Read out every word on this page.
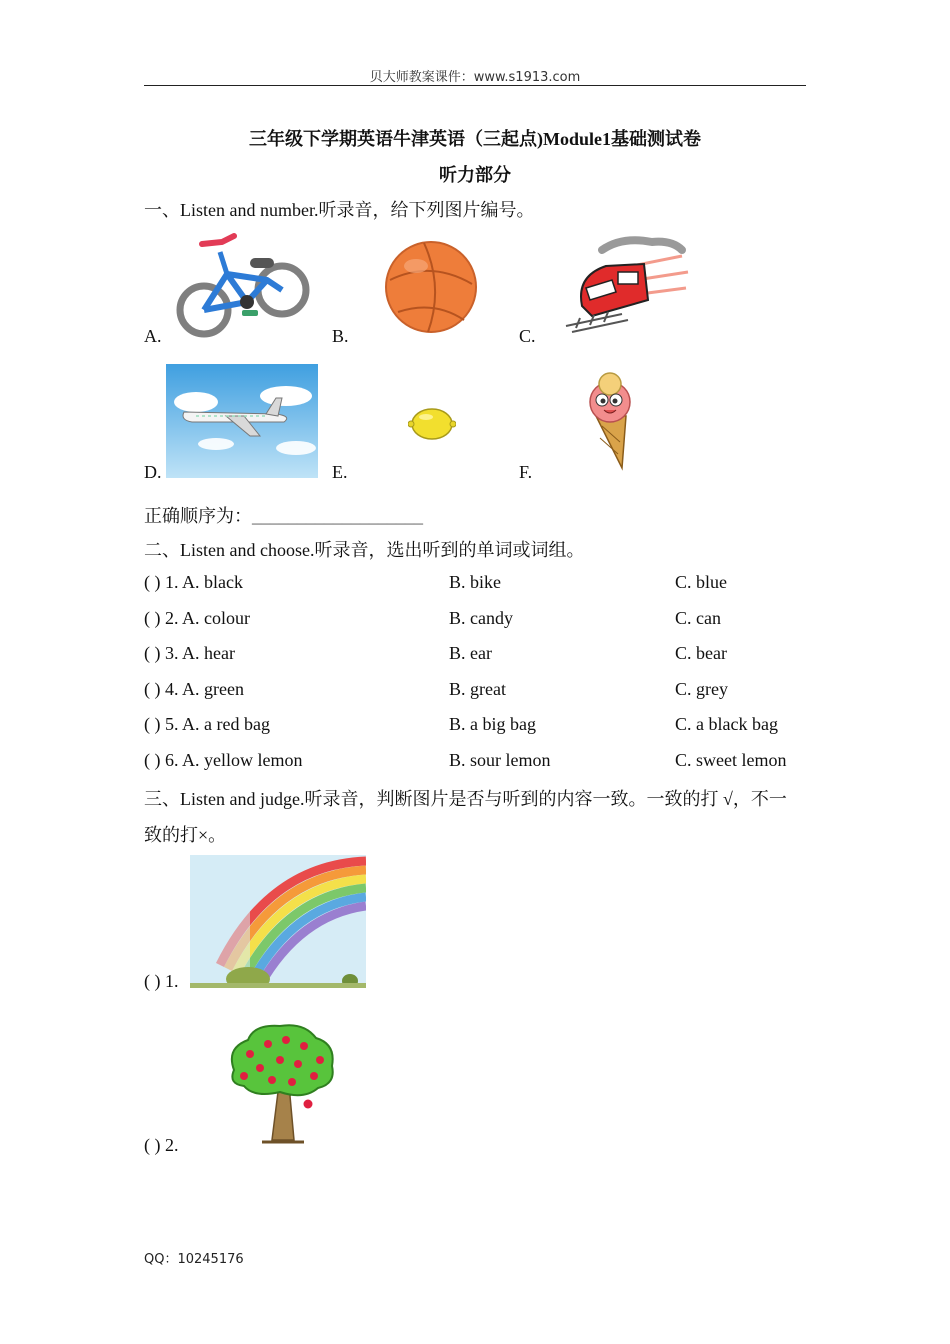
贝大师教案课件：www.s1913.com
三年级下学期英语牛津英语（三起点)Module1基础测试卷
听力部分
一、Listen and number.听录音，给下列图片编号。
A.	B.	C.
D.	E.	F.
正确顺序为：___________________
二、Listen and choose.听录音，选出听到的单词或词组。
( ) 1. A. black	B. bike	C. blue
( ) 2. A. colour	B. candy	C. can
( ) 3. A. hear	B. ear	C. bear
( ) 4. A. green	B. great	C. grey
( ) 5. A. a red bag	B. a big bag	C. a black bag
( ) 6. A. yellow lemon	B. sour lemon	C. sweet lemon
三、Listen and judge.听录音，判断图片是否与听到的内容一致。一致的打 √，不一
致的打×。
( ) 1.
( ) 2.
QQ：10245176
